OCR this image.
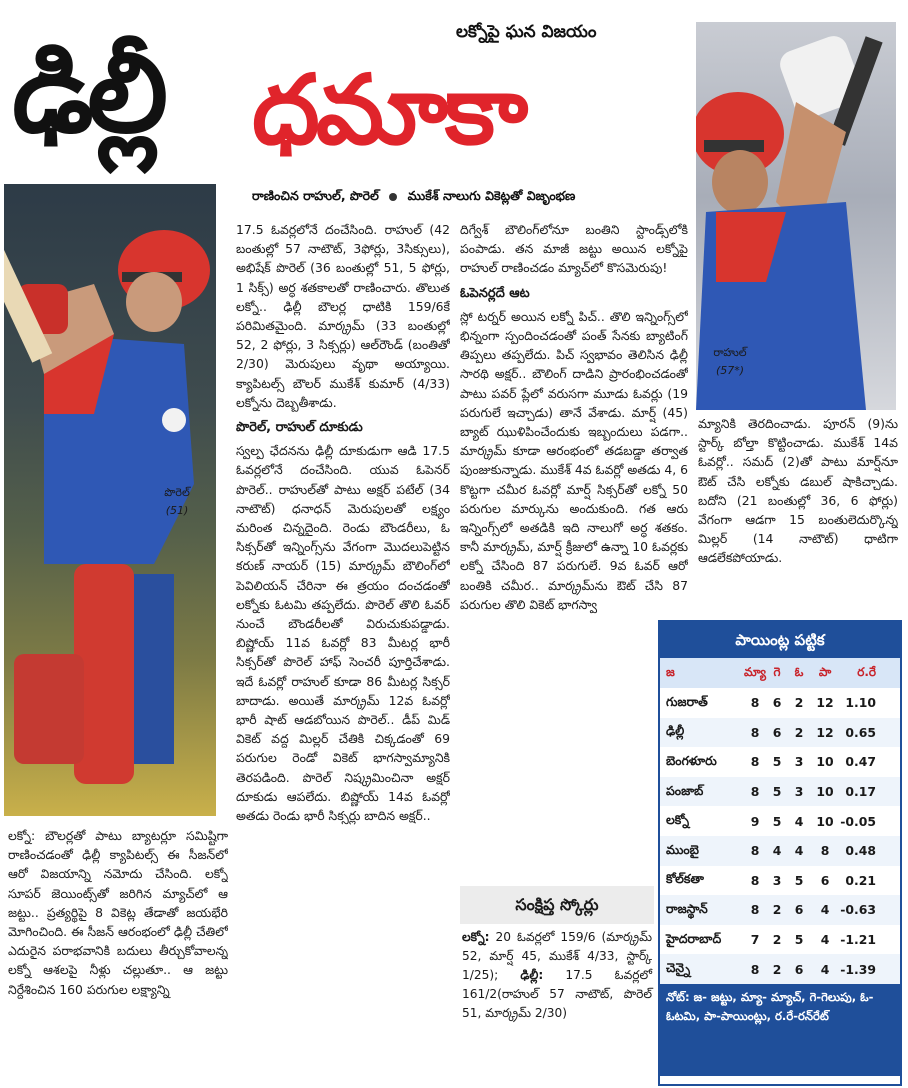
ఢిల్లీ	లక్నోపై ఘన విజయం
ధమాకా
రాణించిన రాహుల్, పొరెల్ ముకేశ్ నాలుగు వికెట్లతో విజృంభణ
పొరెల్
(51)
రాహుల్
(57*)

17.5 ఓవర్లలోనే దంచేసింది. రాహుల్ (42 బంతుల్లో 57 నాటౌట్, 3ఫోర్లు, 3సిక్సులు), అభిషేక్ పొరెల్ (36 బంతుల్లో 51, 5 ఫోర్లు, 1 సిక్స్) అర్ధ శతకాలతో రాణించారు. తొలుత లక్నో.. ఢిల్లీ బౌలర్ల ధాటికి 159/6కే పరిమితమైంది. మార్క్రమ్ (33 బంతుల్లో 52, 2 ఫోర్లు, 3 సిక్సర్లు) ఆల్‌రౌండ్ (బంతితో 2/30) మెరుపులు వృథా అయ్యాయి. క్యాపిటల్స్ బౌలర్ ముకేశ్ కుమార్ (4/33) లక్నోను దెబ్బతీశాడు.

పొరెల్, రాహుల్ దూకుడు

స్వల్ప ఛేదనను ఢిల్లీ దూకుడుగా ఆడి 17.5 ఓవర్లలోనే దంచేసింది. యువ ఓపెనర్ పొరెల్.. రాహుల్‌తో పాటు అక్షర్ పటేల్ (34 నాటౌట్) ధనాధన్ మెరుపులతో లక్ష్యం మరింత చిన్నదైంది. రెండు బౌండరీలు, ఓ సిక్సర్‌తో ఇన్నింగ్స్‌ను వేగంగా మొదలుపెట్టిన కరుణ్ నాయర్ (15) మార్క్రమ్ బౌలింగ్‌లో పెవిలియన్ చేరినా ఈ త్రయం దంచడంతో లక్నోకు ఓటమి తప్పలేదు. పొరెల్ తొలి ఓవర్ నుంచే బౌండరీలతో విరుచుకుపడ్డాడు. బిష్ణోయ్ 11వ ఓవర్లో 83 మీటర్ల భారీ సిక్సర్‌తో పొరెల్ హాఫ్ సెంచరీ పూర్తిచేశాడు. ఇదే ఓవర్లో రాహుల్ కూడా 86 మీటర్ల సిక్సర్ బాదాడు. అయితే మార్క్రమ్ 12వ ఓవర్లో భారీ షాట్ ఆడబోయిన పొరెల్.. డీప్ మిడ్ వికెట్ వద్ద మిల్లర్ చేతికి చిక్కడంతో 69 పరుగుల రెండో వికెట్ భాగస్వామ్యానికి తెరపడింది. పొరెల్ నిష్క్రమించినా అక్షర్ దూకుడు ఆపలేదు. బిష్ణోయ్ 14వ ఓవర్లో అతడు రెండు భారీ సిక్సర్లు బాదిన అక్షర్..

దిగ్వేశ్ బౌలింగ్‌లోనూ బంతిని స్టాండ్స్‌లోకి పంపాడు. తన మాజీ జట్టు అయిన లక్నోపై రాహుల్ రాణించడం మ్యాచ్‌లో కొసమెరుపు!

ఓపెనర్లదే ఆట

స్లో టర్నర్ అయిన లక్నో పిచ్.. తొలి ఇన్నింగ్స్‌లో భిన్నంగా స్పందించడంతో పంత్ సేనకు బ్యాటింగ్ తిప్పలు తప్పలేదు. పిచ్ స్వభావం తెలిసిన ఢిల్లీ సారథి అక్షర్.. బౌలింగ్ దాడిని ప్రారంభించడంతో పాటు పవర్ ప్లేలో వరుసగా మూడు ఓవర్లు (19 పరుగులే ఇచ్చాడు) తానే వేశాడు. మార్ష్ (45) బ్యాట్ ఝుళిపించేందుకు ఇబ్బందులు పడగా.. మార్క్రమ్ కూడా ఆరంభంలో తడబడ్డా తర్వాత పుంజుకున్నాడు. ముకేశ్ 4వ ఓవర్లో అతడు 4, 6 కొట్టగా చమీర ఓవర్లో మార్ష్ సిక్సర్‌తో లక్నో 50 పరుగుల మార్కును అందుకుంది. గత ఆరు ఇన్నింగ్స్‌లో అతడికి ఇది నాలుగో అర్ధ శతకం. కానీ మార్క్రమ్, మార్ష్ క్రీజులో ఉన్నా 10 ఓవర్లకు లక్నో చేసింది 87 పరుగులే. 9వ ఓవర్ ఆరో బంతికి చమీర.. మార్క్రమ్‌ను ఔట్ చేసి 87 పరుగుల తొలి వికెట్ భాగస్వా

మ్యానికి తెరదించాడు. పూరన్ (9)ను స్టార్క్ బోల్తా కొట్టించాడు. ముకేశ్ 14వ ఓవర్లో.. సమద్ (2)తో పాటు మార్ష్‌నూ ఔట్ చేసి లక్నోకు డబుల్ షాకిచ్చాడు. బదోని (21 బంతుల్లో 36, 6 ఫోర్లు) వేగంగా ఆడగా 15 బంతులెదుర్కొన్న మిల్లర్ (14 నాటౌట్) ధాటిగా ఆడలేకపోయాడు.

లక్నో: బౌలర్లతో పాటు బ్యాటర్లూ సమిష్టిగా రాణించడంతో ఢిల్లీ క్యాపిటల్స్ ఈ సీజన్‌లో ఆరో విజయాన్ని నమోదు చేసింది. లక్నో సూపర్ జెయింట్స్‌తో జరిగిన మ్యాచ్‌లో ఆ జట్టు.. ప్రత్యర్థిపై 8 వికెట్ల తేడాతో జయభేరి మోగించింది. ఈ సీజన్ ఆరంభంలో ఢిల్లీ చేతిలో ఎదురైన పరాభవానికి బదులు తీర్చుకోవాలన్న లక్నో ఆశలపై నీళ్లు చల్లుతూ.. ఆ జట్టు నిర్దేశించిన 160 పరుగుల లక్ష్యాన్ని

సంక్షిప్త స్కోర్లు
లక్నో: 20 ఓవర్లలో 159/6 (మార్క్రమ్ 52, మార్ష్ 45, ముకేశ్ 4/33, స్టార్క్ 1/25); ఢిల్లీ: 17.5 ఓవర్లలో 161/2(రాహుల్ 57 నాటౌట్, పొరెల్ 51, మార్క్రమ్ 2/30)
పాయింట్ల పట్టిక
జ	మ్యా గె	ఓ	పా	ర.రే
గుజరాత్	8	6	2	12 1.10
ఢిల్లీ	8	6	2	12 0.65
బెంగళూరు	8	5	3	10 0.47
పంజాబ్	8	5	3	10 0.17
లక్నో	9	5	4	10 -0.05
ముంబై	8	4	4	8	0.48
కోల్‌కతా	8	3	5	6	0.21
రాజస్థాన్	8	2	6	4 -0.63
హైదరాబాద్	7	2	5	4 -1.21
చెన్నై	8	2	6	4 -1.39
నోట్: జ- జట్టు, మ్యా- మ్యాచ్, గె-గెలుపు, ఓ-ఓటమి, పా-పాయింట్లు, ర.రే-రన్‌రేట్
